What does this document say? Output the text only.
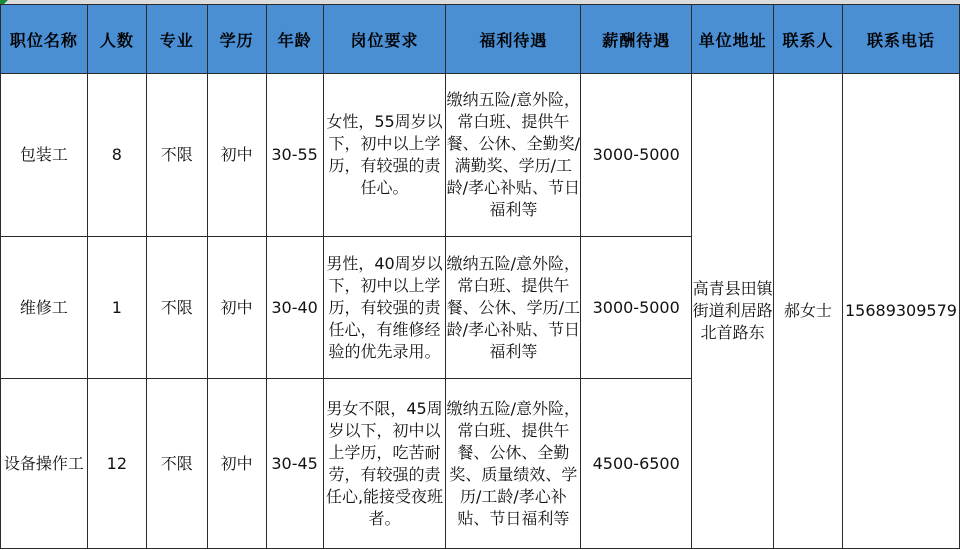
职位名称	人数	专业	学历	年龄	岗位要求	福利待遇	薪酬待遇	单位地址	联系人	联系电话
包装工	8	不限	初中	30-55	女性，55周岁以下，初中以上学历，有较强的责任心。	缴纳五险/意外险，常白班、提供午餐、公休、全勤奖/满勤奖、学历/工龄/孝心补贴、节日福利等	3000-5000	高青县田镇街道利居路北首路东	郝女士	15689309579
维修工	1	不限	初中	30-40	男性，40周岁以下，初中以上学历，有较强的责任心，有维修经验的优先录用。	缴纳五险/意外险，常白班、提供午餐、公休、学历/工龄/孝心补贴、节日福利等	3000-5000			
设备操作工	12	不限	初中	30-45	男女不限，45周岁以下，初中以上学历，吃苦耐劳，有较强的责任心,能接受夜班者。	缴纳五险/意外险，常白班、提供午餐、公休、全勤奖、质量绩效、学历/工龄/孝心补贴、节日福利等	4500-6500			
